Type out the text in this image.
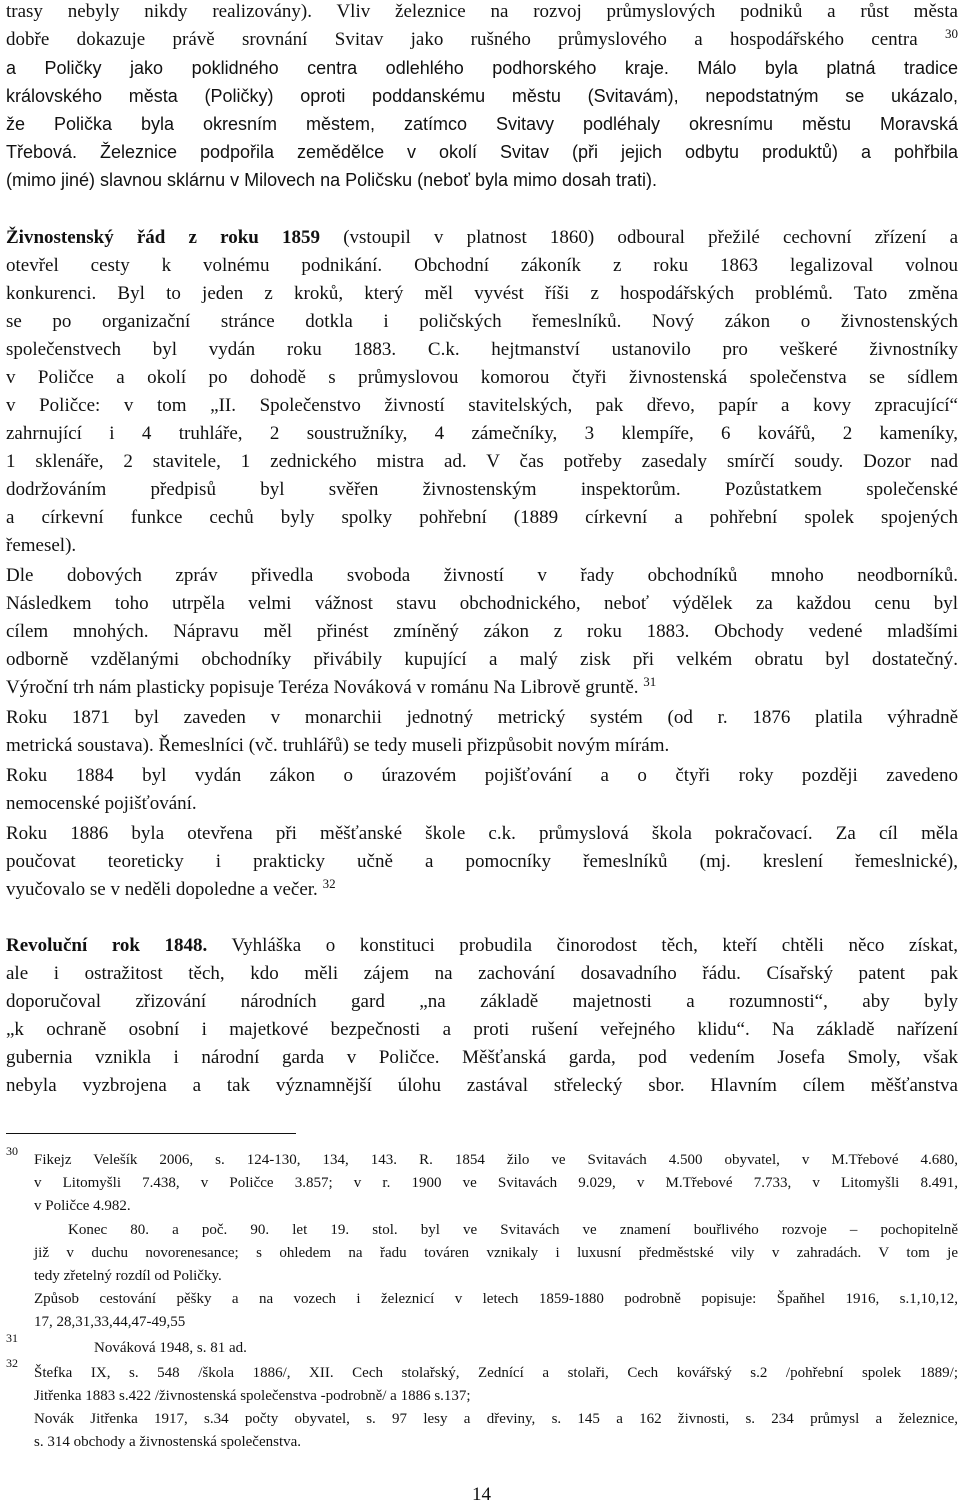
trasy nebyly nikdy realizovány). Vliv železnice na rozvoj průmyslových podniků a růst města
dobře dokazuje právě srovnání Svitav jako rušného průmyslového a hospodářského centra $^{30}$
a Poličky jako poklidného centra odlehlého podhorského kraje. Málo byla platná tradice
královského města (Poličky) oproti poddanskému městu (Svitavám), nepodstatným se ukázalo,
že Polička byla okresním městem, zatímco Svitavy podléhaly okresnímu městu Moravská
Třebová. Železnice podpořila zemědělce v okolí Svitav (při jejich odbytu produktů) a pohřbila
(mimo jiné) slavnou sklárnu v Milovech na Poličsku (neboť byla mimo dosah trati).
Živnostenský řád z roku 1859 (vstoupil v platnost 1860) odboural přežilé cechovní zřízení a
otevřel cesty k volnému podnikání. Obchodní zákoník z roku 1863 legalizoval volnou
konkurenci. Byl to jeden z kroků, který měl vyvést říši z hospodářských problémů. Tato změna
se po organizační stránce dotkla i poličských řemeslníků. Nový zákon o živnostenských
společenstvech byl vydán roku 1883. C.k. hejtmanství ustanovilo pro veškeré živnostníky
v Poličce a okolí po dohodě s průmyslovou komorou čtyři živnostenská společenstva se sídlem
v Poličce: v tom „II. Společenstvo živností stavitelských, pak dřevo, papír a kovy zpracující“
zahrnující i 4 truhláře, 2 soustružníky, 4 zámečníky, 3 klempíře, 6 kovářů, 2 kameníky,
1 sklenáře, 2 stavitele, 1 zednického mistra ad. V čas potřeby zasedaly smírčí soudy. Dozor nad
dodržováním předpisů byl svěřen živnostenským inspektorům. Pozůstatkem společenské
a církevní funkce cechů byly spolky pohřební (1889 církevní a pohřební spolek spojených
řemesel).
Dle dobových zpráv přivedla svoboda živností v řady obchodníků mnoho neodborníků.
Následkem toho utrpěla velmi vážnost stavu obchodnického, neboť výdělek za každou cenu byl
cílem mnohých. Nápravu měl přinést zmíněný zákon z roku 1883. Obchody vedené mladšími
odborně vzdělanými obchodníky přivábily kupující a malý zisk při velkém obratu byl dostatečný.
Výroční trh nám plasticky popisuje Teréza Nováková v románu Na Librově gruntě. $^{31}$
Roku 1871 byl zaveden v monarchii jednotný metrický systém (od r. 1876 platila výhradně
metrická soustava). Řemeslníci (vč. truhlářů) se tedy museli přizpůsobit novým mírám.
Roku 1884 byl vydán zákon o úrazovém pojišťování a o čtyři roky později zavedeno
nemocenské pojišťování.
Roku 1886 byla otevřena při měšťanské škole c.k. průmyslová škola pokračovací. Za cíl měla
poučovat teoreticky i prakticky učně a pomocníky řemeslníků (mj. kreslení řemeslnické),
vyučovalo se v neděli dopoledne a večer. $^{32}$
Revoluční rok 1848. Vyhláška o konstituci probudila činorodost těch, kteří chtěli něco získat,
ale i ostražitost těch, kdo měli zájem na zachování dosavadního řádu. Císařský patent pak
doporučoval zřizování národních gard „na základě majetnosti a rozumnosti“, aby byly
„k ochraně osobní i majetkové bezpečnosti a proti rušení veřejného klidu“. Na základě nařízení
gubernia vznikla i národní garda v Poličce. Měšťanská garda, pod vedením Josefa Smoly, však
nebyla vyzbrojena a tak významnější úlohu zastával střelecký sbor. Hlavním cílem měšťanstva
30
Fikejz Velešík 2006, s. 124-130, 134, 143. R. 1854 žilo ve Svitavách 4.500 obyvatel, v M.Třebové 4.680,
v Litomyšli 7.438, v Poličce 3.857; v r. 1900 ve Svitavách 9.029, v M.Třebové 7.733, v Litomyšli 8.491,
v Poličce 4.982.
Konec 80. a poč. 90. let 19. stol. byl ve Svitavách ve znamení bouřlivého rozvoje – pochopitelně
již v duchu novorenesance; s ohledem na řadu továren vznikaly i luxusní předměstské vily v zahradách. V tom je
tedy zřetelný rozdíl od Poličky.
Způsob cestování pěšky a na vozech i železnicí v letech 1859-1880 podrobně popisuje: Špaňhel 1916, s.1,10,12,
17, 28,31,33,44,47-49,55
31
Nováková 1948, s. 81 ad.
32
Štefka IX, s. 548 /škola 1886/, XII. Cech stolařský, Zednící a stolaři, Cech kovářský s.2 /pohřební spolek 1889/;
Jitřenka 1883 s.422 /živnostenská společenstva -podrobně/ a 1886 s.137;
Novák Jitřenka 1917, s.34 počty obyvatel, s. 97 lesy a dřeviny, s. 145 a 162 živnosti, s. 234 průmysl a železnice,
s. 314 obchody a živnostenská společenstva.
14
